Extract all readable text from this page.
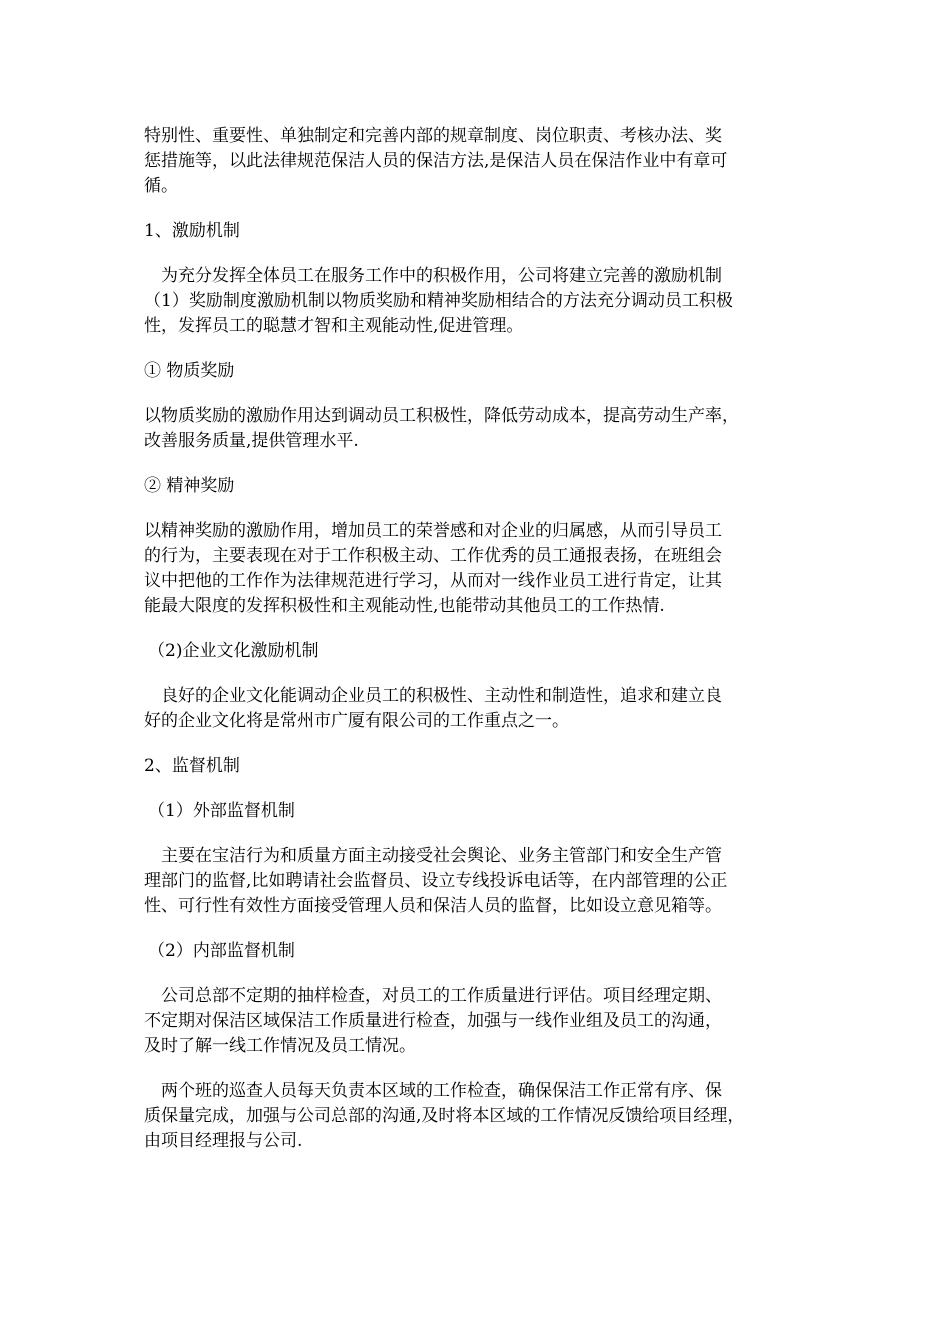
特别性、重要性、单独制定和完善内部的规章制度、岗位职责、考核办法、奖
惩措施等，以此法律规范保洁人员的保洁方法,是保洁人员在保洁作业中有章可
循。
1、激励机制
为充分发挥全体员工在服务工作中的积极作用，公司将建立完善的激励机制
（1）奖励制度激励机制以物质奖励和精神奖励相结合的方法充分调动员工积极
性，发挥员工的聪慧才智和主观能动性,促进管理。
① 物质奖励
以物质奖励的激励作用达到调动员工积极性，降低劳动成本，提高劳动生产率，
改善服务质量,提供管理水平.
② 精神奖励
以精神奖励的激励作用，增加员工的荣誉感和对企业的归属感，从而引导员工
的行为，主要表现在对于工作积极主动、工作优秀的员工通报表扬，在班组会
议中把他的工作作为法律规范进行学习，从而对一线作业员工进行肯定，让其
能最大限度的发挥积极性和主观能动性,也能带动其他员工的工作热情.
（2)企业文化激励机制
良好的企业文化能调动企业员工的积极性、主动性和制造性，追求和建立良
好的企业文化将是常州市广厦有限公司的工作重点之一。
2、监督机制
（1）外部监督机制
主要在宝洁行为和质量方面主动接受社会舆论、业务主管部门和安全生产管
理部门的监督,比如聘请社会监督员、设立专线投诉电话等，在内部管理的公正
性、可行性有效性方面接受管理人员和保洁人员的监督，比如设立意见箱等。
（2）内部监督机制
公司总部不定期的抽样检查，对员工的工作质量进行评估。项目经理定期、
不定期对保洁区域保洁工作质量进行检查，加强与一线作业组及员工的沟通，
及时了解一线工作情况及员工情况。
两个班的巡查人员每天负责本区域的工作检查，确保保洁工作正常有序、保
质保量完成，加强与公司总部的沟通,及时将本区域的工作情况反馈给项目经理，
由项目经理报与公司.
